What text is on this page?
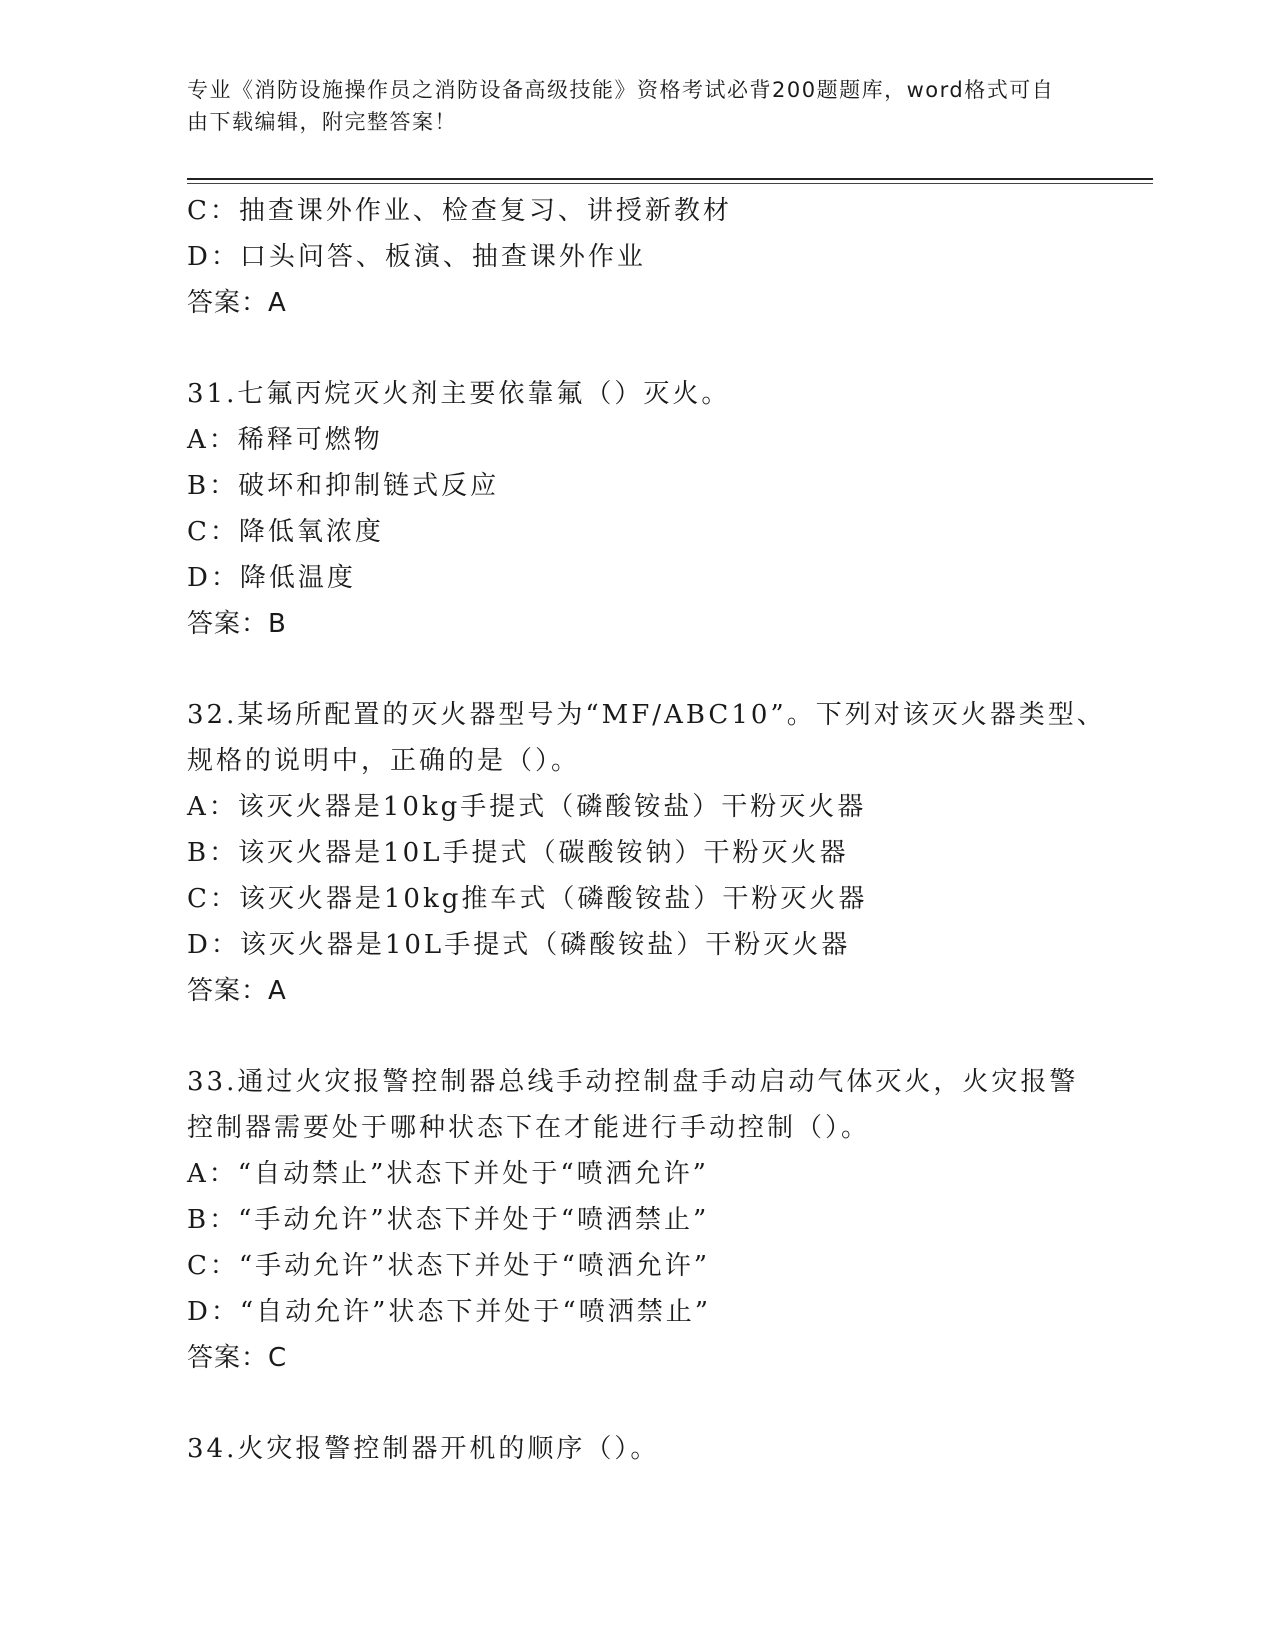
专业《消防设施操作员之消防设备高级技能》资格考试必背200题题库，word格式可自由下载编辑，附完整答案！
C：抽查课外作业、检查复习、讲授新教材
D：口头问答、板演、抽查课外作业
答案：A
31.七氟丙烷灭火剂主要依靠氟（）灭火。
A：稀释可燃物
B：破坏和抑制链式反应
C：降低氧浓度
D：降低温度
答案：B
32.某场所配置的灭火器型号为“MF/ABC10”。下列对该灭火器类型、
规格的说明中，正确的是（）。
A：该灭火器是10kg手提式（磷酸铵盐）干粉灭火器
B：该灭火器是10L手提式（碳酸铵钠）干粉灭火器
C：该灭火器是10kg推车式（磷酸铵盐）干粉灭火器
D：该灭火器是10L手提式（磷酸铵盐）干粉灭火器
答案：A
33.通过火灾报警控制器总线手动控制盘手动启动气体灭火，火灾报警
控制器需要处于哪种状态下在才能进行手动控制（）。
A：“自动禁止”状态下并处于“喷洒允许”
B：“手动允许”状态下并处于“喷洒禁止”
C：“手动允许”状态下并处于“喷洒允许”
D：“自动允许”状态下并处于“喷洒禁止”
答案：C
34.火灾报警控制器开机的顺序（）。
